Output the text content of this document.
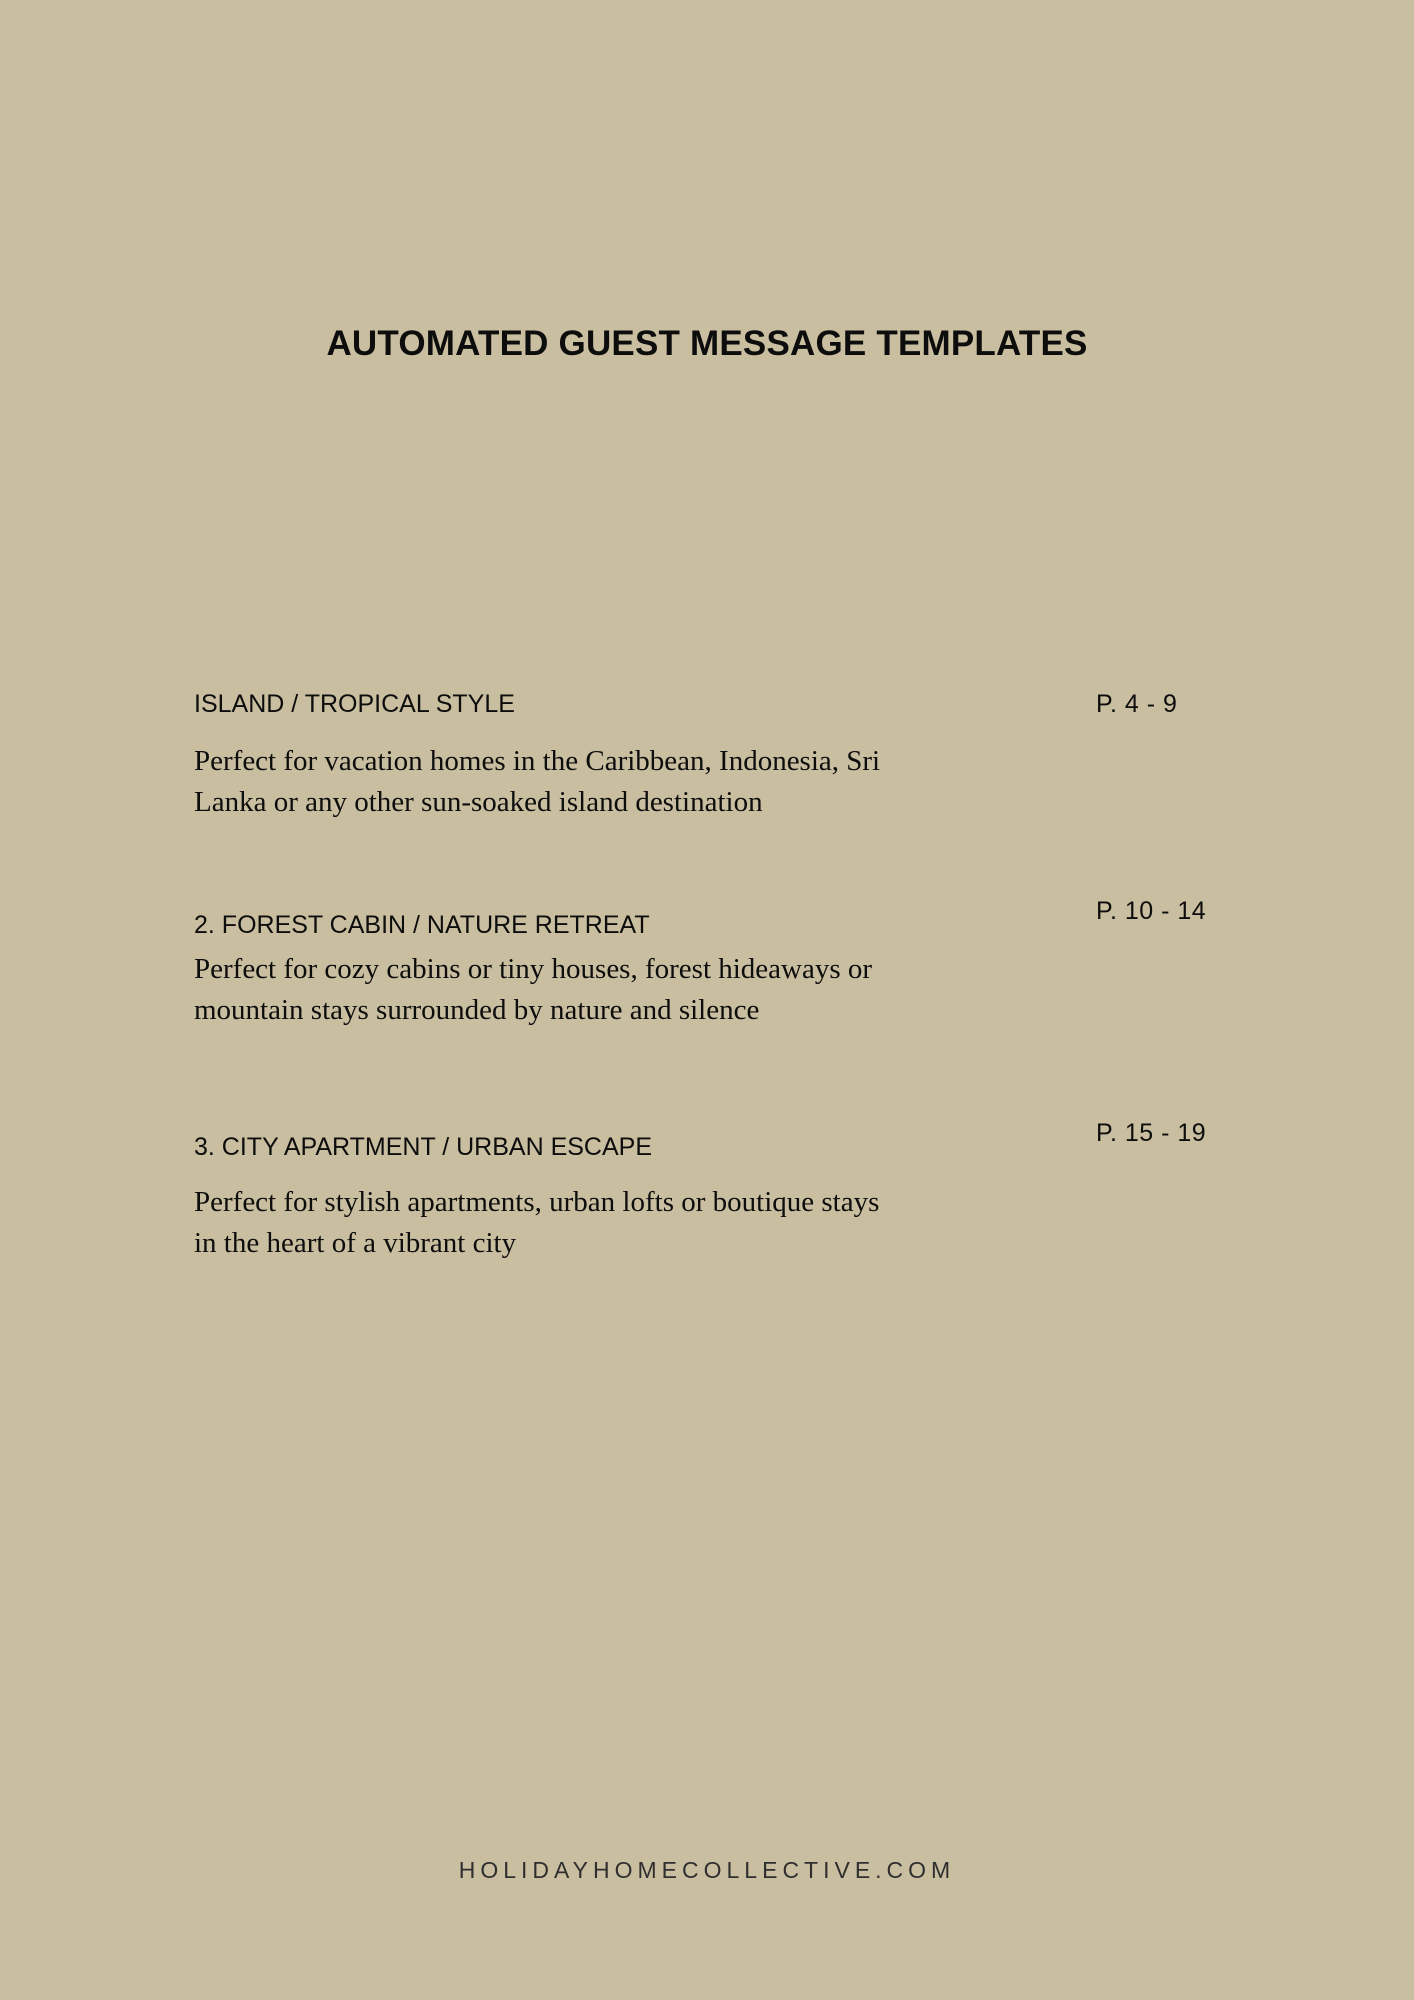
AUTOMATED GUEST MESSAGE TEMPLATES
ISLAND / TROPICAL STYLE

Perfect for vacation homes in the Caribbean, Indonesia, Sri Lanka or any other sun-soaked island destination

P. 4 - 9
2. FOREST CABIN / NATURE RETREAT

Perfect for cozy cabins or tiny houses, forest hideaways or mountain stays surrounded by nature and silence

P. 10 - 14
3. CITY APARTMENT / URBAN ESCAPE

Perfect for stylish apartments, urban lofts or boutique stays in the heart of a vibrant city

P. 15 - 19
HOLIDAYHOMECOLLECTIVE.COM
